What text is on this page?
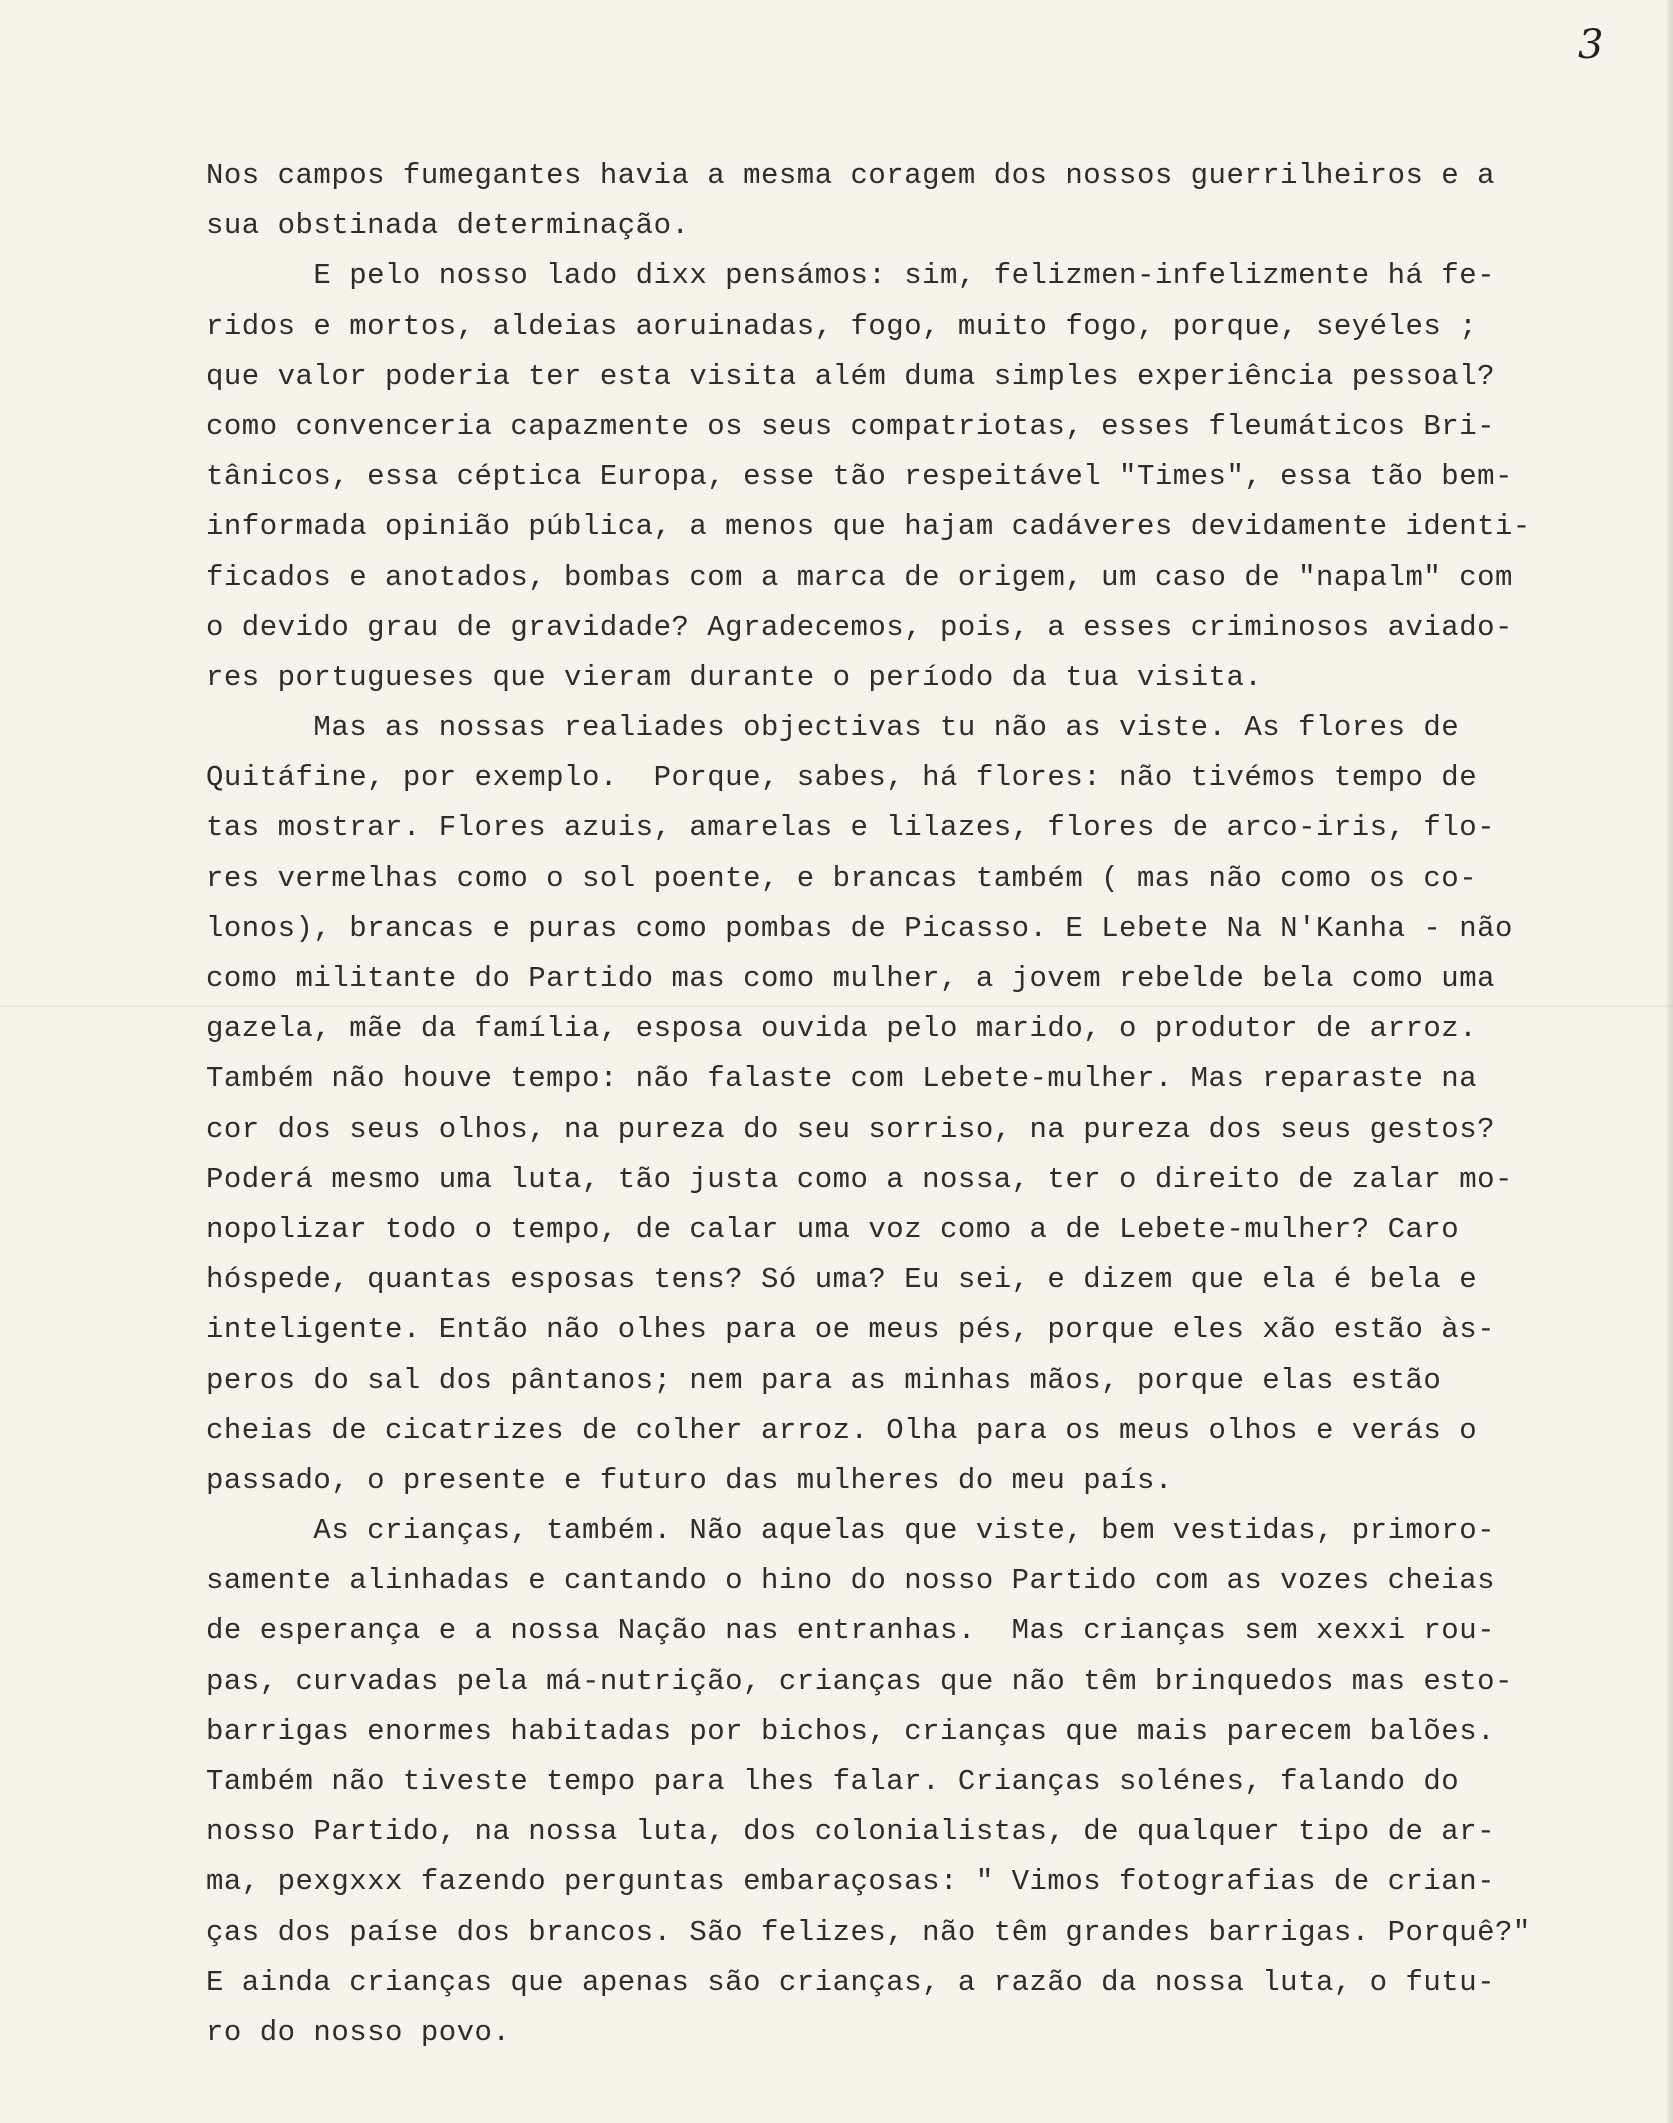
3
Nos campos fumegantes havia a mesma coragem dos nossos guerrilheiros e a
sua obstinada determinação.
E pelo nosso lado dixx pensámos: sim, felizmen-infelizmente há fe-
ridos e mortos, aldeias aoruinadas, fogo, muito fogo, porque, seyéles ;
que valor poderia ter esta visita além duma simples experiência pessoal?
como convenceria capazmente os seus compatriotas, esses fleumáticos Bri-
tânicos, essa céptica Europa, esse tão respeitável "Times", essa tão bem-
informada opinião pública, a menos que hajam cadáveres devidamente identi-
ficados e anotados, bombas com a marca de origem, um caso de "napalm" com
o devido grau de gravidade? Agradecemos, pois, a esses criminosos aviado-
res portugueses que vieram durante o período da tua visita.
Mas as nossas realiades objectivas tu não as viste. As flores de
Quitáfine, por exemplo.  Porque, sabes, há flores: não tivémos tempo de
tas mostrar. Flores azuis, amarelas e lilazes, flores de arco-iris, flo-
res vermelhas como o sol poente, e brancas também ( mas não como os co-
lonos), brancas e puras como pombas de Picasso. E Lebete Na N'Kanha - não
como militante do Partido mas como mulher, a jovem rebelde bela como uma
gazela, mãe da família, esposa ouvida pelo marido, o produtor de arroz.
Também não houve tempo: não falaste com Lebete-mulher. Mas reparaste na
cor dos seus olhos, na pureza do seu sorriso, na pureza dos seus gestos?
Poderá mesmo uma luta, tão justa como a nossa, ter o direito de zalar mo-
nopolizar todo o tempo, de calar uma voz como a de Lebete-mulher? Caro
hóspede, quantas esposas tens? Só uma? Eu sei, e dizem que ela é bela e
inteligente. Então não olhes para oe meus pés, porque eles xão estão às-
peros do sal dos pântanos; nem para as minhas mãos, porque elas estão
cheias de cicatrizes de colher arroz. Olha para os meus olhos e verás o
passado, o presente e futuro das mulheres do meu país.
As crianças, também. Não aquelas que viste, bem vestidas, primoro-
samente alinhadas e cantando o hino do nosso Partido com as vozes cheias
de esperança e a nossa Nação nas entranhas.  Mas crianças sem xexxi rou-
pas, curvadas pela má-nutrição, crianças que não têm brinquedos mas esto-
barrigas enormes habitadas por bichos, crianças que mais parecem balões.
Também não tiveste tempo para lhes falar. Crianças solénes, falando do
nosso Partido, na nossa luta, dos colonialistas, de qualquer tipo de ar-
ma, pexgxxx fazendo perguntas embaraçosas: " Vimos fotografias de crian-
ças dos paíse dos brancos. São felizes, não têm grandes barrigas. Porquê?"
E ainda crianças que apenas são crianças, a razão da nossa luta, o futu-
ro do nosso povo.
